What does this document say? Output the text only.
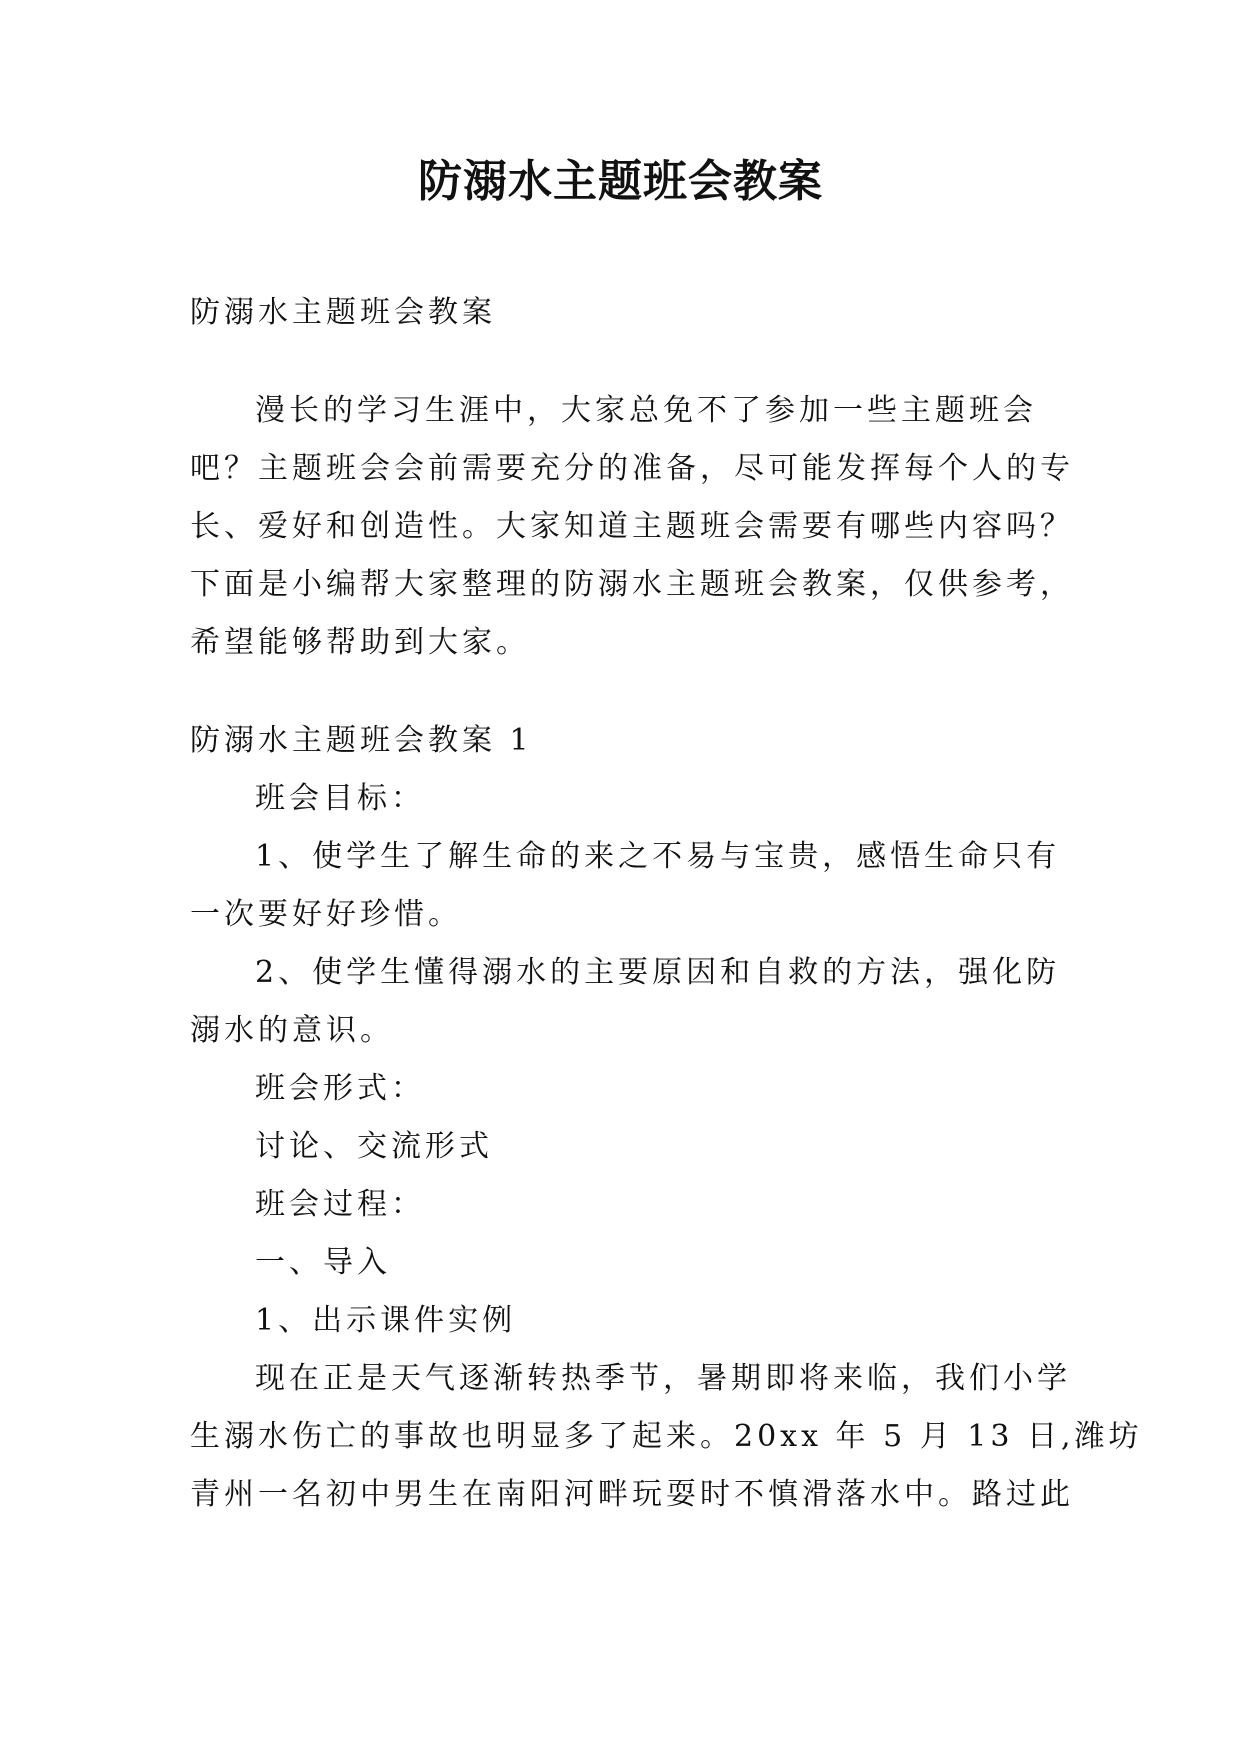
防溺水主题班会教案
防溺水主题班会教案
漫长的学习生涯中，大家总免不了参加一些主题班会
吧？主题班会会前需要充分的准备，尽可能发挥每个人的专
长、爱好和创造性。大家知道主题班会需要有哪些内容吗？
下面是小编帮大家整理的防溺水主题班会教案，仅供参考，
希望能够帮助到大家。
防溺水主题班会教案 1
班会目标：
1、使学生了解生命的来之不易与宝贵，感悟生命只有
一次要好好珍惜。
2、使学生懂得溺水的主要原因和自救的方法，强化防
溺水的意识。
班会形式：
讨论、交流形式
班会过程：
一、导入
1、出示课件实例
现在正是天气逐渐转热季节，暑期即将来临，我们小学
生溺水伤亡的事故也明显多了起来。20xx 年 5 月 13 日,潍坊
青州一名初中男生在南阳河畔玩耍时不慎滑落水中。路过此
